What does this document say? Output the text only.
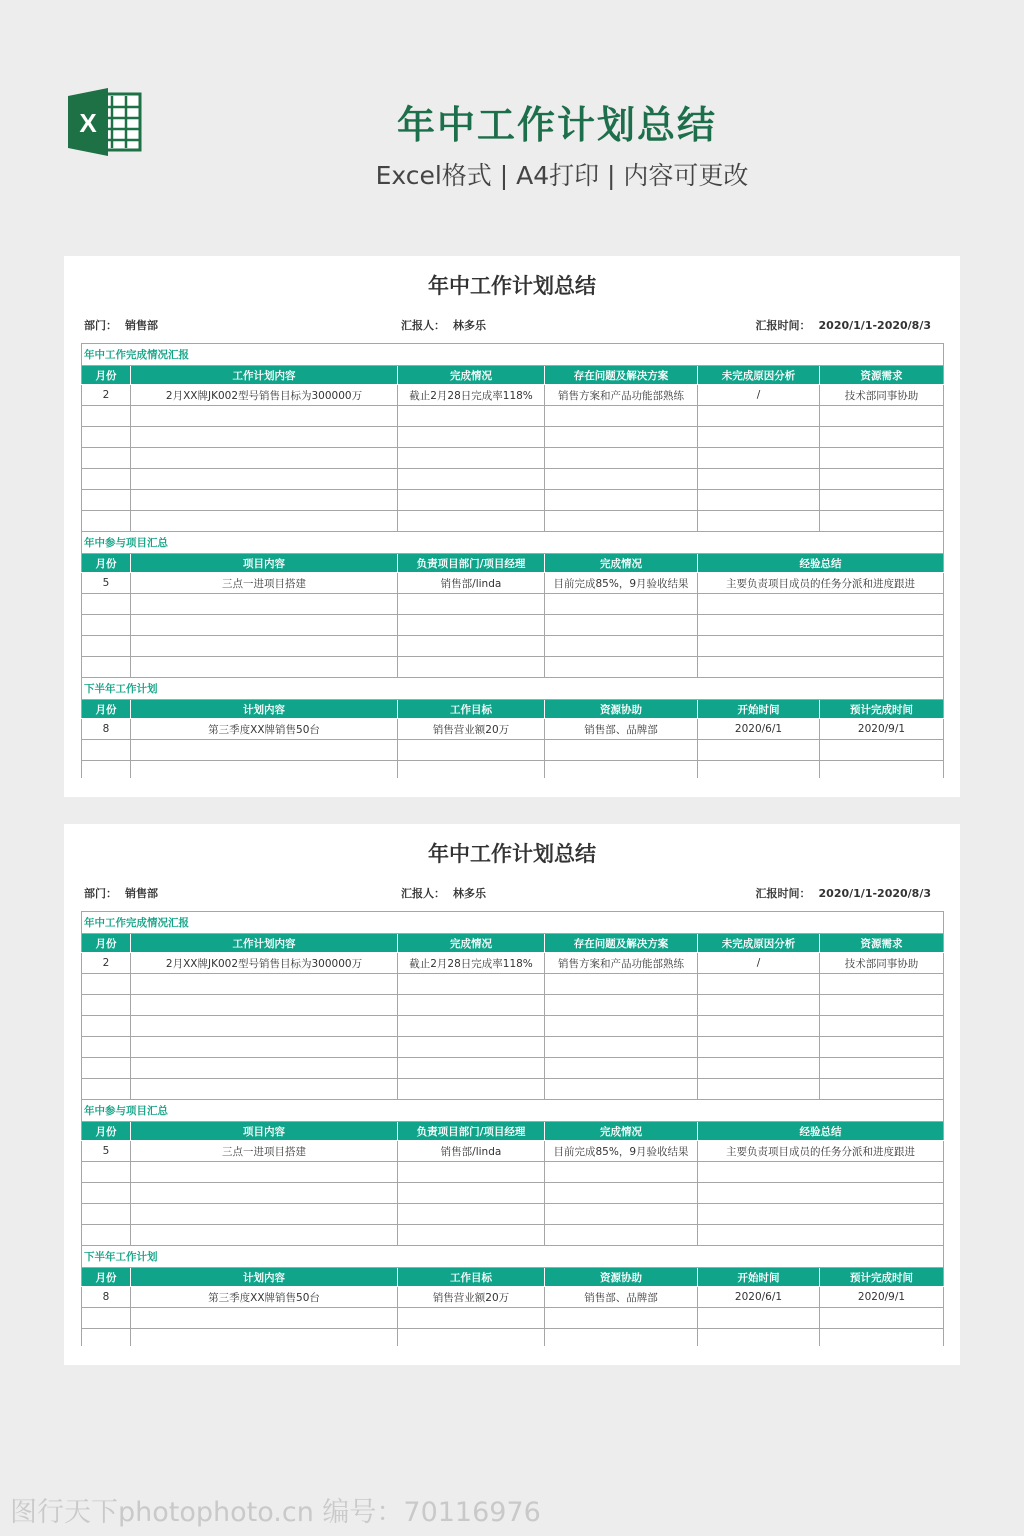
X	年中工作计划总结
Excel格式 | A4打印 | 内容可更改
年中工作计划总结
部门： 销售部	汇报人： 林多乐	汇报时间： 2020/1/1-2020/8/3
年中工作完成情况汇报					
月份	工作计划内容	完成情况	存在问题及解决方案	未完成原因分析	资源需求
2	2月XX牌JK002型号销售目标为300000万	截止2月28日完成率118%	销售方案和产品功能部熟练	/	技术部同事协助

年中参与项目汇总					
月份	项目内容	负责项目部门/项目经理	完成情况	经验总结	
5	三点一进项目搭建	销售部/linda	目前完成85%，9月验收结果	主要负责项目成员的任务分派和进度跟进	

下半年工作计划					
月份	计划内容	工作目标	资源协助	开始时间	预计完成时间
8	第三季度XX牌销售50台	销售营业额20万	销售部、品牌部	2020/6/1	2020/9/1

年中工作计划总结
部门： 销售部	汇报人： 林多乐	汇报时间： 2020/1/1-2020/8/3
年中工作完成情况汇报					
月份	工作计划内容	完成情况	存在问题及解决方案	未完成原因分析	资源需求
2	2月XX牌JK002型号销售目标为300000万	截止2月28日完成率118%	销售方案和产品功能部熟练	/	技术部同事协助

年中参与项目汇总					
月份	项目内容	负责项目部门/项目经理	完成情况	经验总结	
5	三点一进项目搭建	销售部/linda	目前完成85%，9月验收结果	主要负责项目成员的任务分派和进度跟进	

下半年工作计划					
月份	计划内容	工作目标	资源协助	开始时间	预计完成时间
8	第三季度XX牌销售50台	销售营业额20万	销售部、品牌部	2020/6/1	2020/9/1

图行天下photophoto.cn 编号：70116976
